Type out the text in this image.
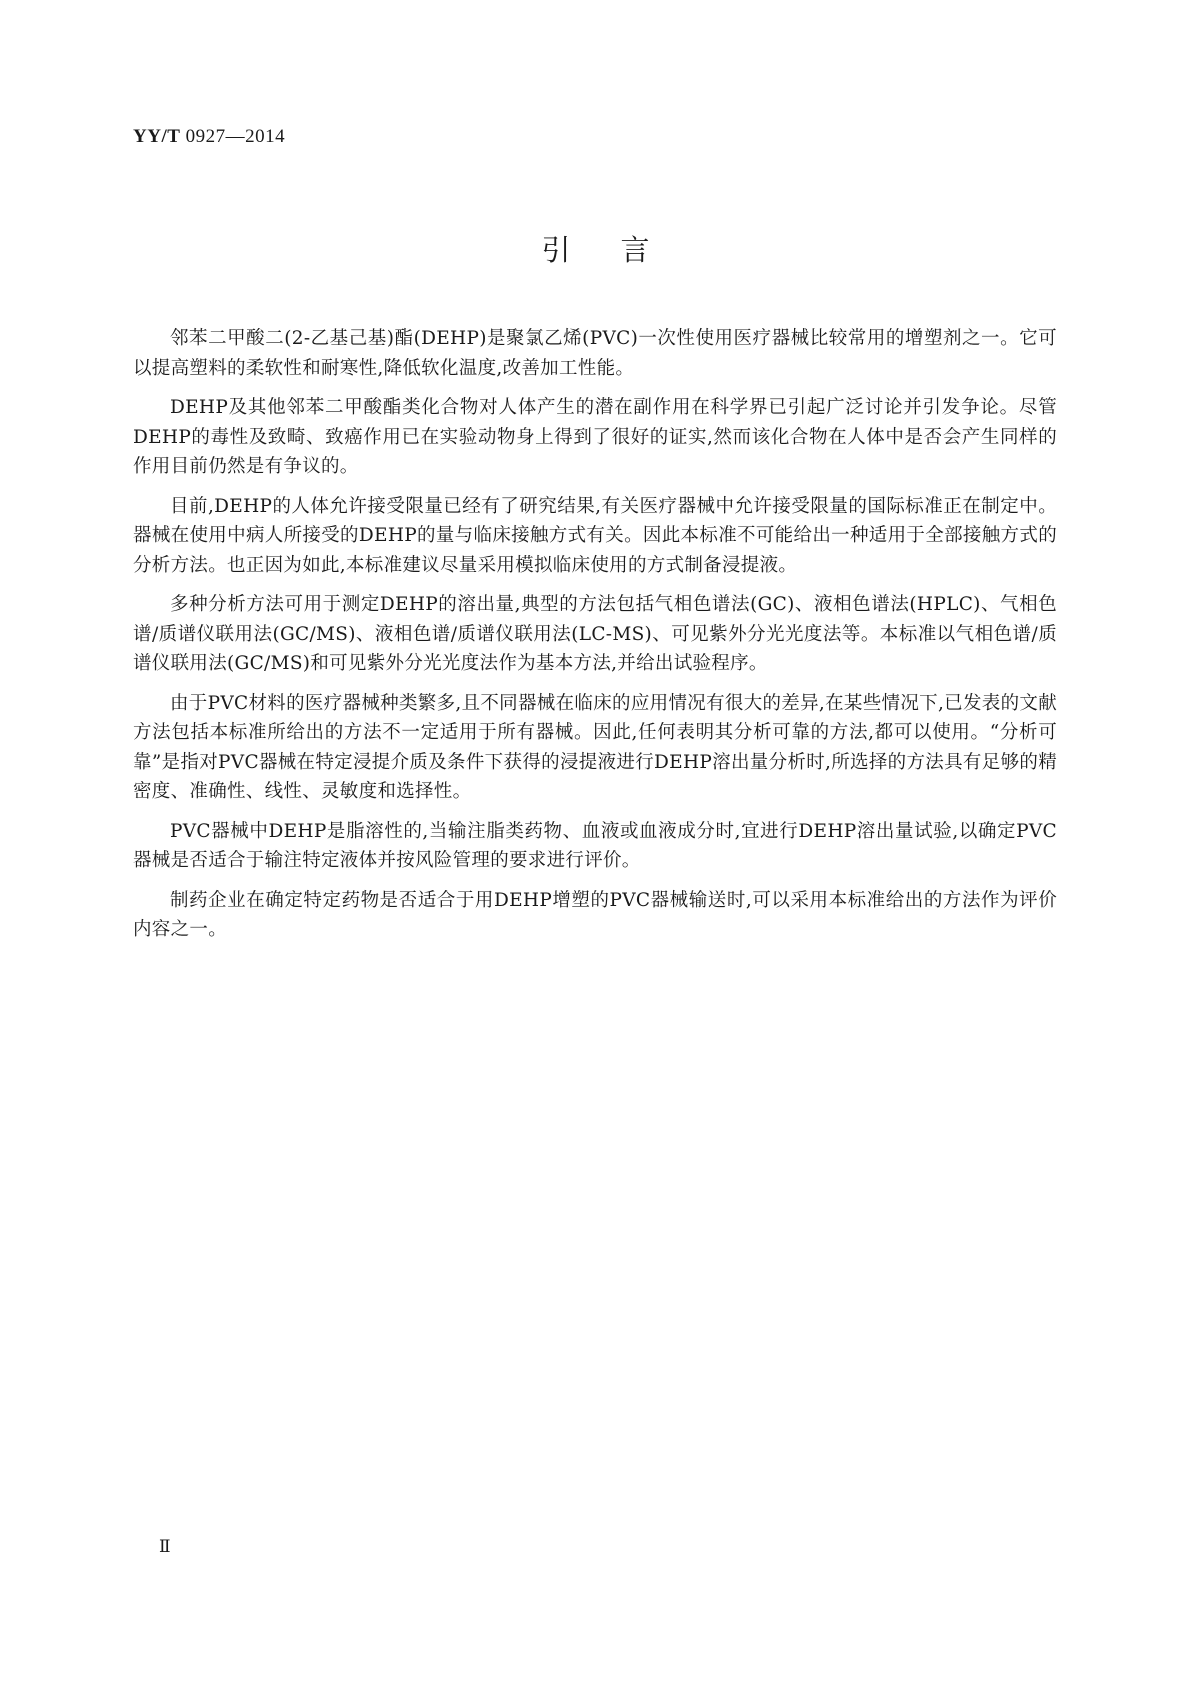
YY/T 0927—2014
引言

邻苯二甲酸二(2-乙基己基)酯(DEHP)是聚氯乙烯(PVC)一次性使用医疗器械比较常用的增塑剂之一。它可以提高塑料的柔软性和耐寒性,降低软化温度,改善加工性能。

DEHP及其他邻苯二甲酸酯类化合物对人体产生的潜在副作用在科学界已引起广泛讨论并引发争论。尽管DEHP的毒性及致畸、致癌作用已在实验动物身上得到了很好的证实,然而该化合物在人体中是否会产生同样的作用目前仍然是有争议的。

目前,DEHP的人体允许接受限量已经有了研究结果,有关医疗器械中允许接受限量的国际标准正在制定中。器械在使用中病人所接受的DEHP的量与临床接触方式有关。因此本标准不可能给出一种适用于全部接触方式的分析方法。也正因为如此,本标准建议尽量采用模拟临床使用的方式制备浸提液。

多种分析方法可用于测定DEHP的溶出量,典型的方法包括气相色谱法(GC)、液相色谱法(HPLC)、气相色谱/质谱仪联用法(GC/MS)、液相色谱/质谱仪联用法(LC-MS)、可见紫外分光光度法等。本标准以气相色谱/质谱仪联用法(GC/MS)和可见紫外分光光度法作为基本方法,并给出试验程序。

由于PVC材料的医疗器械种类繁多,且不同器械在临床的应用情况有很大的差异,在某些情况下,已发表的文献方法包括本标准所给出的方法不一定适用于所有器械。因此,任何表明其分析可靠的方法,都可以使用。“分析可靠”是指对PVC器械在特定浸提介质及条件下获得的浸提液进行DEHP溶出量分析时,所选择的方法具有足够的精密度、准确性、线性、灵敏度和选择性。

PVC器械中DEHP是脂溶性的,当输注脂类药物、血液或血液成分时,宜进行DEHP溶出量试验,以确定PVC器械是否适合于输注特定液体并按风险管理的要求进行评价。

制药企业在确定特定药物是否适合于用DEHP增塑的PVC器械输送时,可以采用本标准给出的方法作为评价内容之一。

Ⅱ
